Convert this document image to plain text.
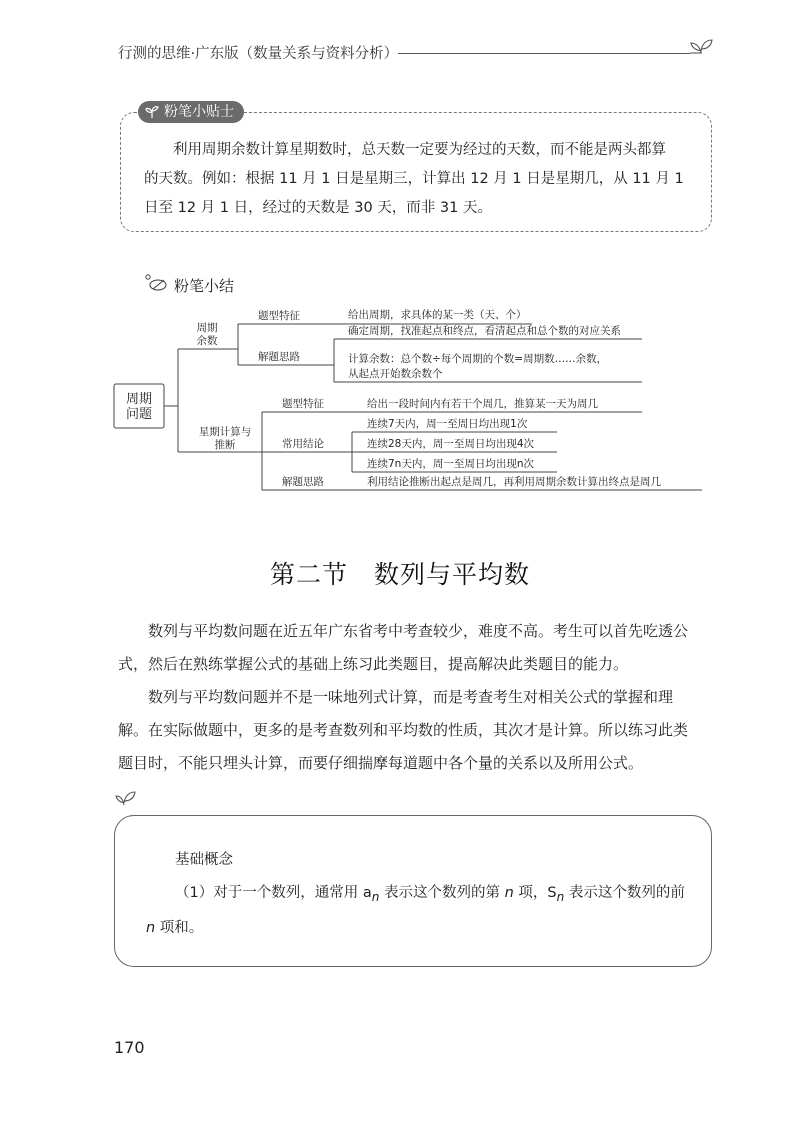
行测的思维·广东版（数量关系与资料分析）
粉笔小贴士
利用周期余数计算星期数时，总天数一定要为经过的天数，而不能是两头都算
的天数。例如：根据 11 月 1 日是星期三，计算出 12 月 1 日是星期几，从 11 月 1
日至 12 月 1 日，经过的天数是 30 天，而非 31 天。
粉笔小结
周期问题
周期余数
题型特征	给出周期，求具体的某一类（天、个）
解题思路
确定周期，找准起点和终点，看清起点和总个数的对应关系
计算余数：总个数÷每个周期的个数=周期数……余数，
从起点开始数余数个
星期计算与推断
题型特征	给出一段时间内有若干个周几，推算某一天为周几
常用结论
连续7天内，周一至周日均出现1次
连续28天内，周一至周日均出现4次
连续7n天内，周一至周日均出现n次
解题思路	利用结论推断出起点是周几，再利用周期余数计算出终点是周几
第二节　数列与平均数
数列与平均数问题在近五年广东省考中考查较少，难度不高。考生可以首先吃透公式，然后在熟练掌握公式的基础上练习此类题目，提高解决此类题目的能力。
数列与平均数问题并不是一味地列式计算，而是考查考生对相关公式的掌握和理解。在实际做题中，更多的是考查数列和平均数的性质，其次才是计算。所以练习此类题目时，不能只埋头计算，而要仔细揣摩每道题中各个量的关系以及所用公式。
基础概念
（1）对于一个数列，通常用 $a_n$ 表示这个数列的第 n 项，$S_n$ 表示这个数列的前 n 项和。
170
